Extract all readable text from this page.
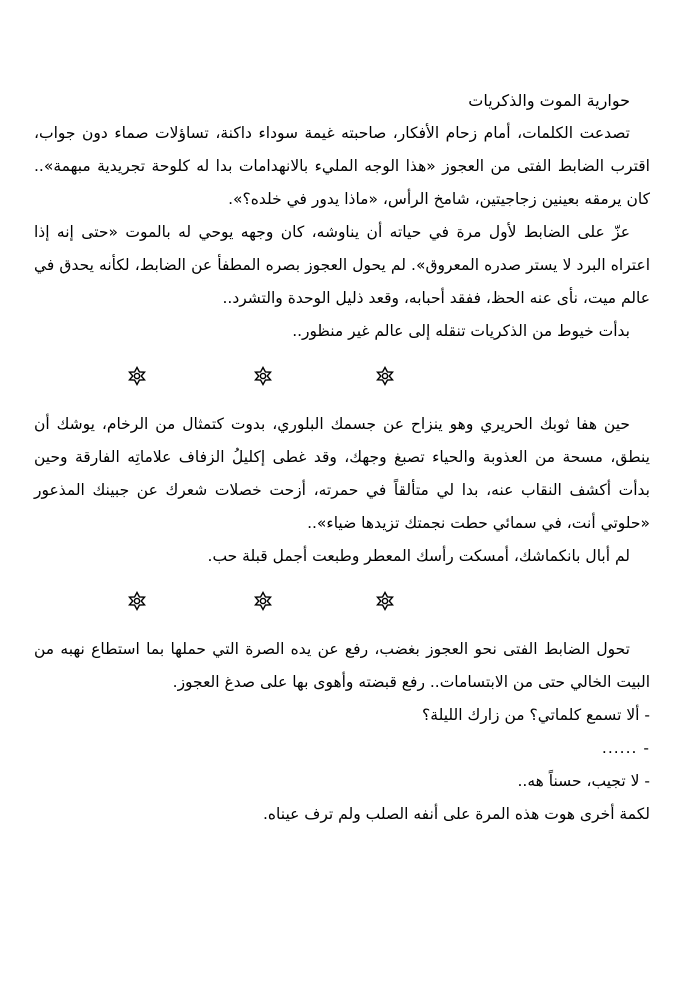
حوارية الموت والذكريات

تصدعت الكلمات، أمام زحام الأفكار، صاحبته غيمة سوداء داكنة، تساؤلات صماء دون جواب، اقترب الضابط الفتى من العجوز «هذا الوجه المليء بالانهدامات بدا له كلوحة تجريدية مبهمة».. كان يرمقه بعينين زجاجيتين، شامخ الرأس، «ماذا يدور في خلده؟».

عزّ على الضابط لأول مرة في حياته أن يناوشه، كان وجهه يوحي له بالموت «حتى إنه إذا اعتراه البرد لا يستر صدره المعروق». لم يحول العجوز بصره المطفأ عن الضابط، لكأنه يحدق في عالم ميت، نأى عنه الحظ، ففقد أحبابه، وقعد ذليل الوحدة والتشرد..

بدأت خيوط من الذكريات تنقله إلى عالم غير منظور..

حين هفا ثوبك الحريري وهو ينزاح عن جسمك البلوري، بدوت كتمثال من الرخام، يوشك أن ينطق، مسحة من العذوبة والحياء تصبغ وجهك، وقد غطى إكليلُ الزفاف علاماتِه الفارقة وحين بدأت أكشف النقاب عنه، بدا لي متألقاً في حمرته، أزحت خصلات شعرك عن جبينك المذعور «حلوتي أنت، في سمائي حطت نجمتك تزيدها ضياء»..

لم أبال بانكماشك، أمسكت رأسك المعطر وطبعت أجمل قبلة حب.

تحول الضابط الفتى نحو العجوز بغضب، رفع عن يده الصرة التي حملها بما استطاع نهبه من البيت الخالي حتى من الابتسامات.. رفع قبضته وأهوى بها على صدغ العجوز.

- ألا تسمع كلماتي؟ من زارك الليلة؟

- ......

- لا تجيب، حسناً هه..

لكمة أخرى هوت هذه المرة على أنفه الصلب ولم ترف عيناه.
